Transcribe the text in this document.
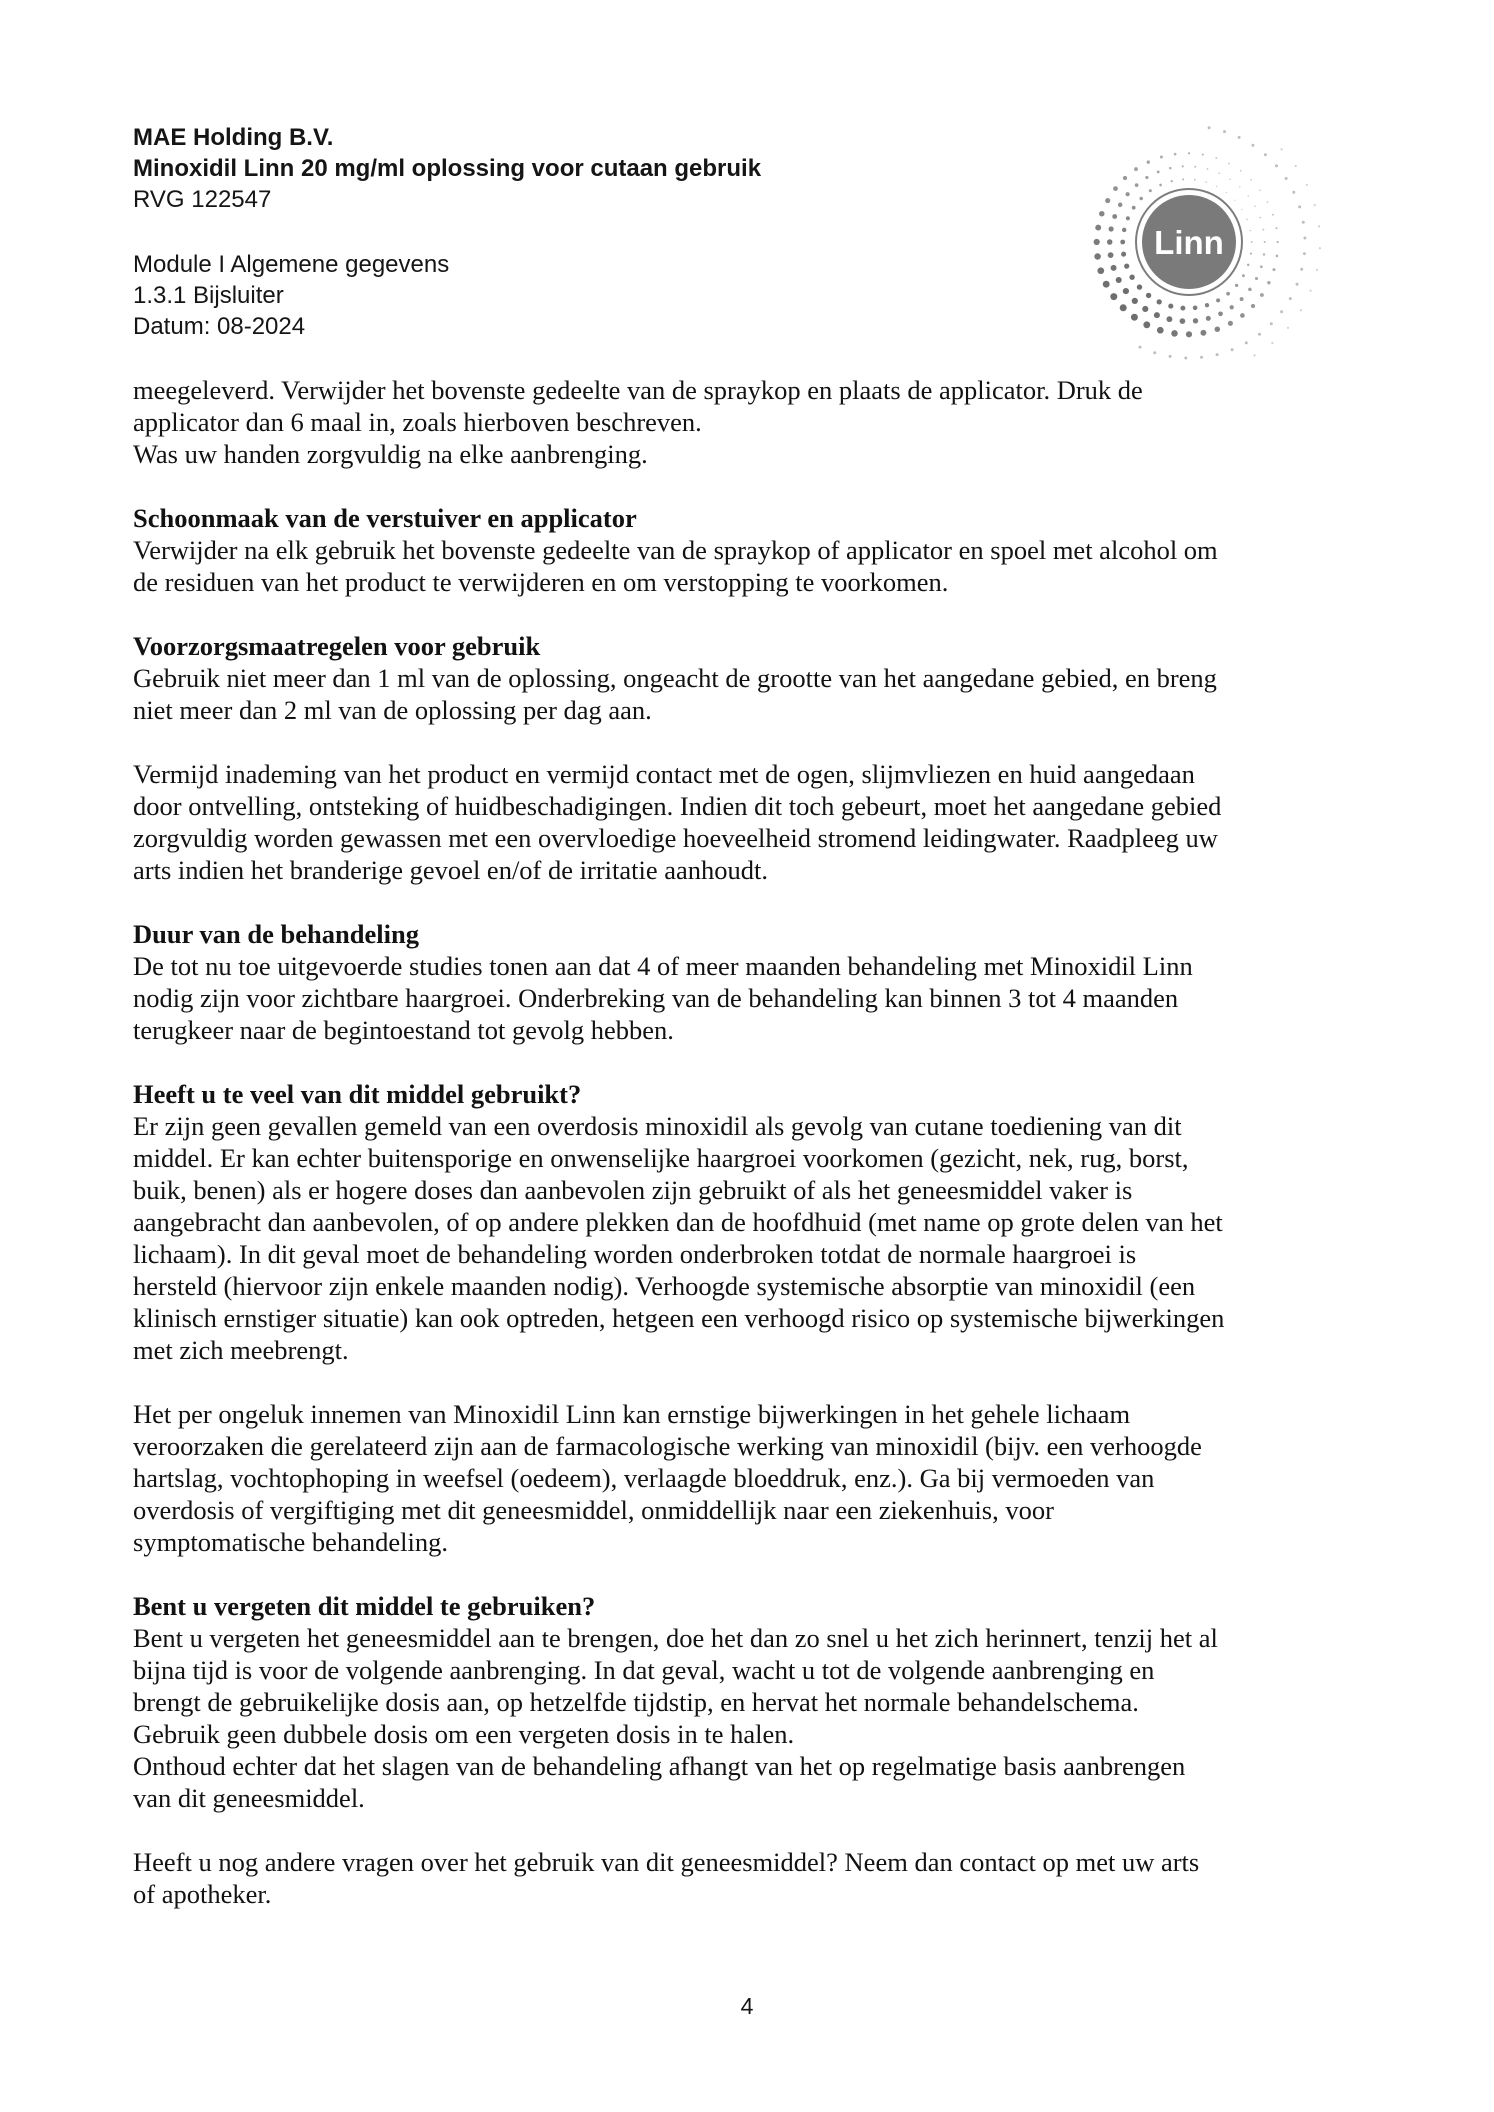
MAE Holding B.V.
Minoxidil Linn 20 mg/ml oplossing voor cutaan gebruik
RVG 122547
Module I Algemene gegevens
1.3.1 Bijsluiter
Datum: 08-2024
Linn
meegeleverd. Verwijder het bovenste gedeelte van de spraykop en plaats de applicator. Druk de
applicator dan 6 maal in, zoals hierboven beschreven.
Was uw handen zorgvuldig na elke aanbrenging.
Schoonmaak van de verstuiver en applicator
Verwijder na elk gebruik het bovenste gedeelte van de spraykop of applicator en spoel met alcohol om
de residuen van het product te verwijderen en om verstopping te voorkomen.
Voorzorgsmaatregelen voor gebruik
Gebruik niet meer dan 1 ml van de oplossing, ongeacht de grootte van het aangedane gebied, en breng
niet meer dan 2 ml van de oplossing per dag aan.
Vermijd inademing van het product en vermijd contact met de ogen, slijmvliezen en huid aangedaan
door ontvelling, ontsteking of huidbeschadigingen. Indien dit toch gebeurt, moet het aangedane gebied
zorgvuldig worden gewassen met een overvloedige hoeveelheid stromend leidingwater. Raadpleeg uw
arts indien het branderige gevoel en/of de irritatie aanhoudt.
Duur van de behandeling
De tot nu toe uitgevoerde studies tonen aan dat 4 of meer maanden behandeling met Minoxidil Linn
nodig zijn voor zichtbare haargroei. Onderbreking van de behandeling kan binnen 3 tot 4 maanden
terugkeer naar de begintoestand tot gevolg hebben.
Heeft u te veel van dit middel gebruikt?
Er zijn geen gevallen gemeld van een overdosis minoxidil als gevolg van cutane toediening van dit
middel. Er kan echter buitensporige en onwenselijke haargroei voorkomen (gezicht, nek, rug, borst,
buik, benen) als er hogere doses dan aanbevolen zijn gebruikt of als het geneesmiddel vaker is
aangebracht dan aanbevolen, of op andere plekken dan de hoofdhuid (met name op grote delen van het
lichaam). In dit geval moet de behandeling worden onderbroken totdat de normale haargroei is
hersteld (hiervoor zijn enkele maanden nodig). Verhoogde systemische absorptie van minoxidil (een
klinisch ernstiger situatie) kan ook optreden, hetgeen een verhoogd risico op systemische bijwerkingen
met zich meebrengt.
Het per ongeluk innemen van Minoxidil Linn kan ernstige bijwerkingen in het gehele lichaam
veroorzaken die gerelateerd zijn aan de farmacologische werking van minoxidil (bijv. een verhoogde
hartslag, vochtophoping in weefsel (oedeem), verlaagde bloeddruk, enz.). Ga bij vermoeden van
overdosis of vergiftiging met dit geneesmiddel, onmiddellijk naar een ziekenhuis, voor
symptomatische behandeling.
Bent u vergeten dit middel te gebruiken?
Bent u vergeten het geneesmiddel aan te brengen, doe het dan zo snel u het zich herinnert, tenzij het al
bijna tijd is voor de volgende aanbrenging. In dat geval, wacht u tot de volgende aanbrenging en
brengt de gebruikelijke dosis aan, op hetzelfde tijdstip, en hervat het normale behandelschema.
Gebruik geen dubbele dosis om een vergeten dosis in te halen.
Onthoud echter dat het slagen van de behandeling afhangt van het op regelmatige basis aanbrengen
van dit geneesmiddel.
Heeft u nog andere vragen over het gebruik van dit geneesmiddel? Neem dan contact op met uw arts
of apotheker.
4
